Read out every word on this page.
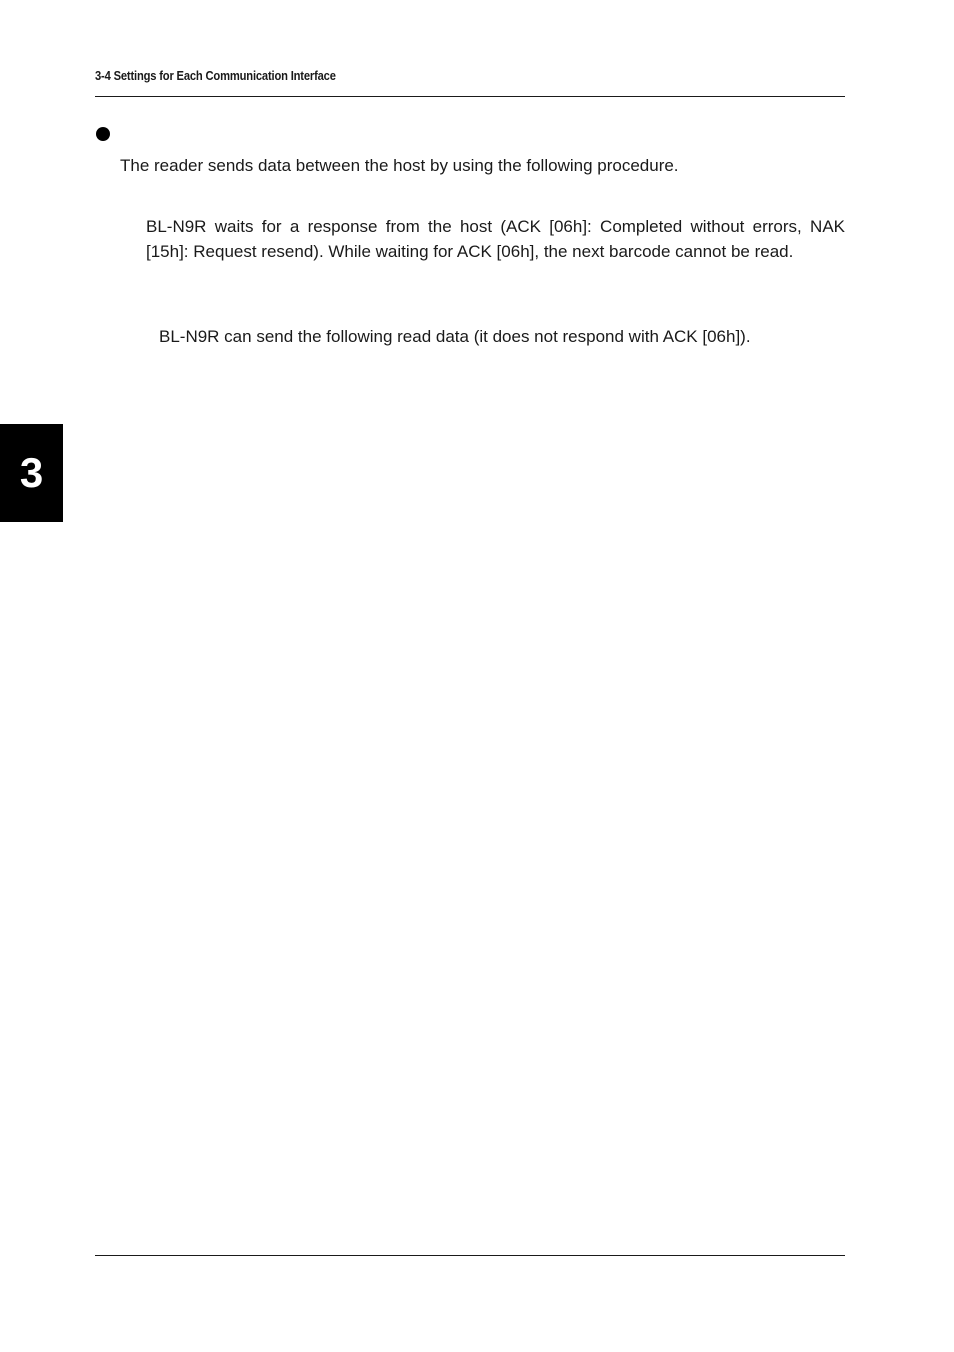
3-4 Settings for Each Communication Interface
The reader sends data between the host by using the following procedure.
BL-N9R waits for a response from the host (ACK [06h]: Completed without errors, NAK [15h]: Request resend). While waiting for ACK [06h], the next barcode cannot be read.
BL-N9R can send the following read data (it does not respond with ACK [06h]).
3
